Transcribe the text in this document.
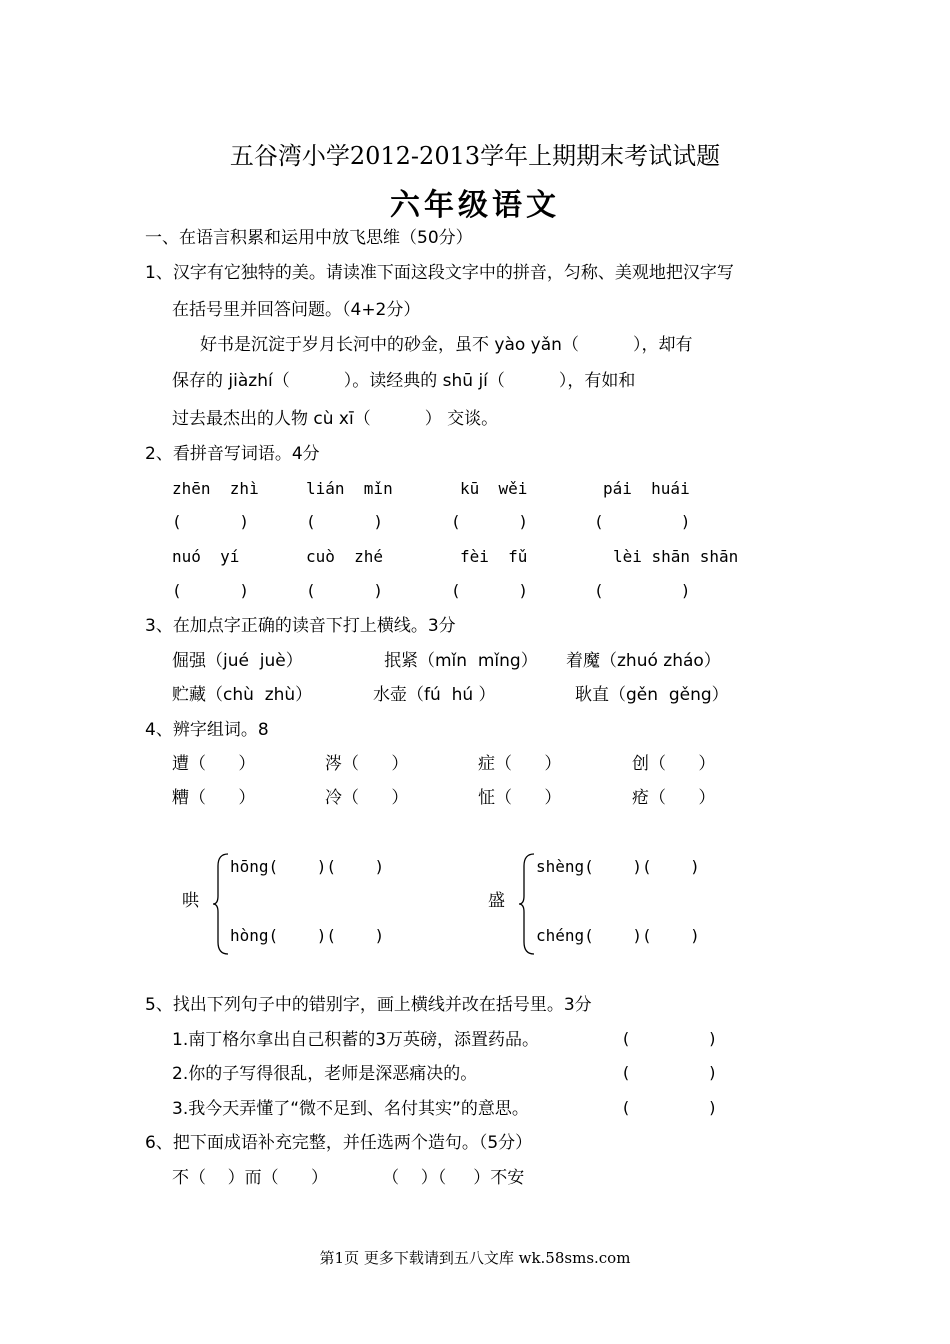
五谷湾小学2012-2013学年上期期末考试试题
六年级语文
一、在语言积累和运用中放飞思维（50分）
1、汉字有它独特的美。请读准下面这段文字中的拼音，匀称、美观地把汉字写
在括号里并回答问题。（4+2分）
好书是沉淀于岁月长河中的砂金，虽不 yào yǎn（          ），却有
保存的 jiàzhí（          ）。读经典的 shū jí（          ），有如和
过去最杰出的人物 cù xī（          ） 交谈。
2、看拼音写词语。4分
zhēn  zhì	lián  mǐn	kū  wěi	pái  huái
(      )	(      )	(      )	(        )
nuó  yí	cuò  zhé	fèi  fǔ	lèi shān shān
(      )	(      )	(      )	(        )
3、在加点字正确的读音下打上横线。3分
倔强（jué  juè）	抿紧（mǐn  mǐng） 着魔（zhuó zháo）
贮藏（chù  zhù）	水壶（fú  hú ）	耿直（gěn  gěng）
4、辨字组词。8
遭（      ）	涔（      ）	症（      ）	创（      ）
糟（      ）	冷（      ）	怔（      ）	疮（      ）
哄
hōng(    )(    )
hòng(    )(    )
盛
shèng(    )(    )
chéng(    )(    )
5、找出下列句子中的错别字，画上横线并改在括号里。3分
1.南丁格尔拿出自己积蓄的3万英磅，添置药品。	(        )
2.你的子写得很乱，老师是深恶痛决的。	(        )
3.我今天弄懂了“微不足到、名付其实”的意思。	(        )
6、把下面成语补充完整，并任选两个造句。（5分）
不（    ）而（      ）          （    ）（     ）不安
第1页 更多下载请到五八文库 wk.58sms.com
